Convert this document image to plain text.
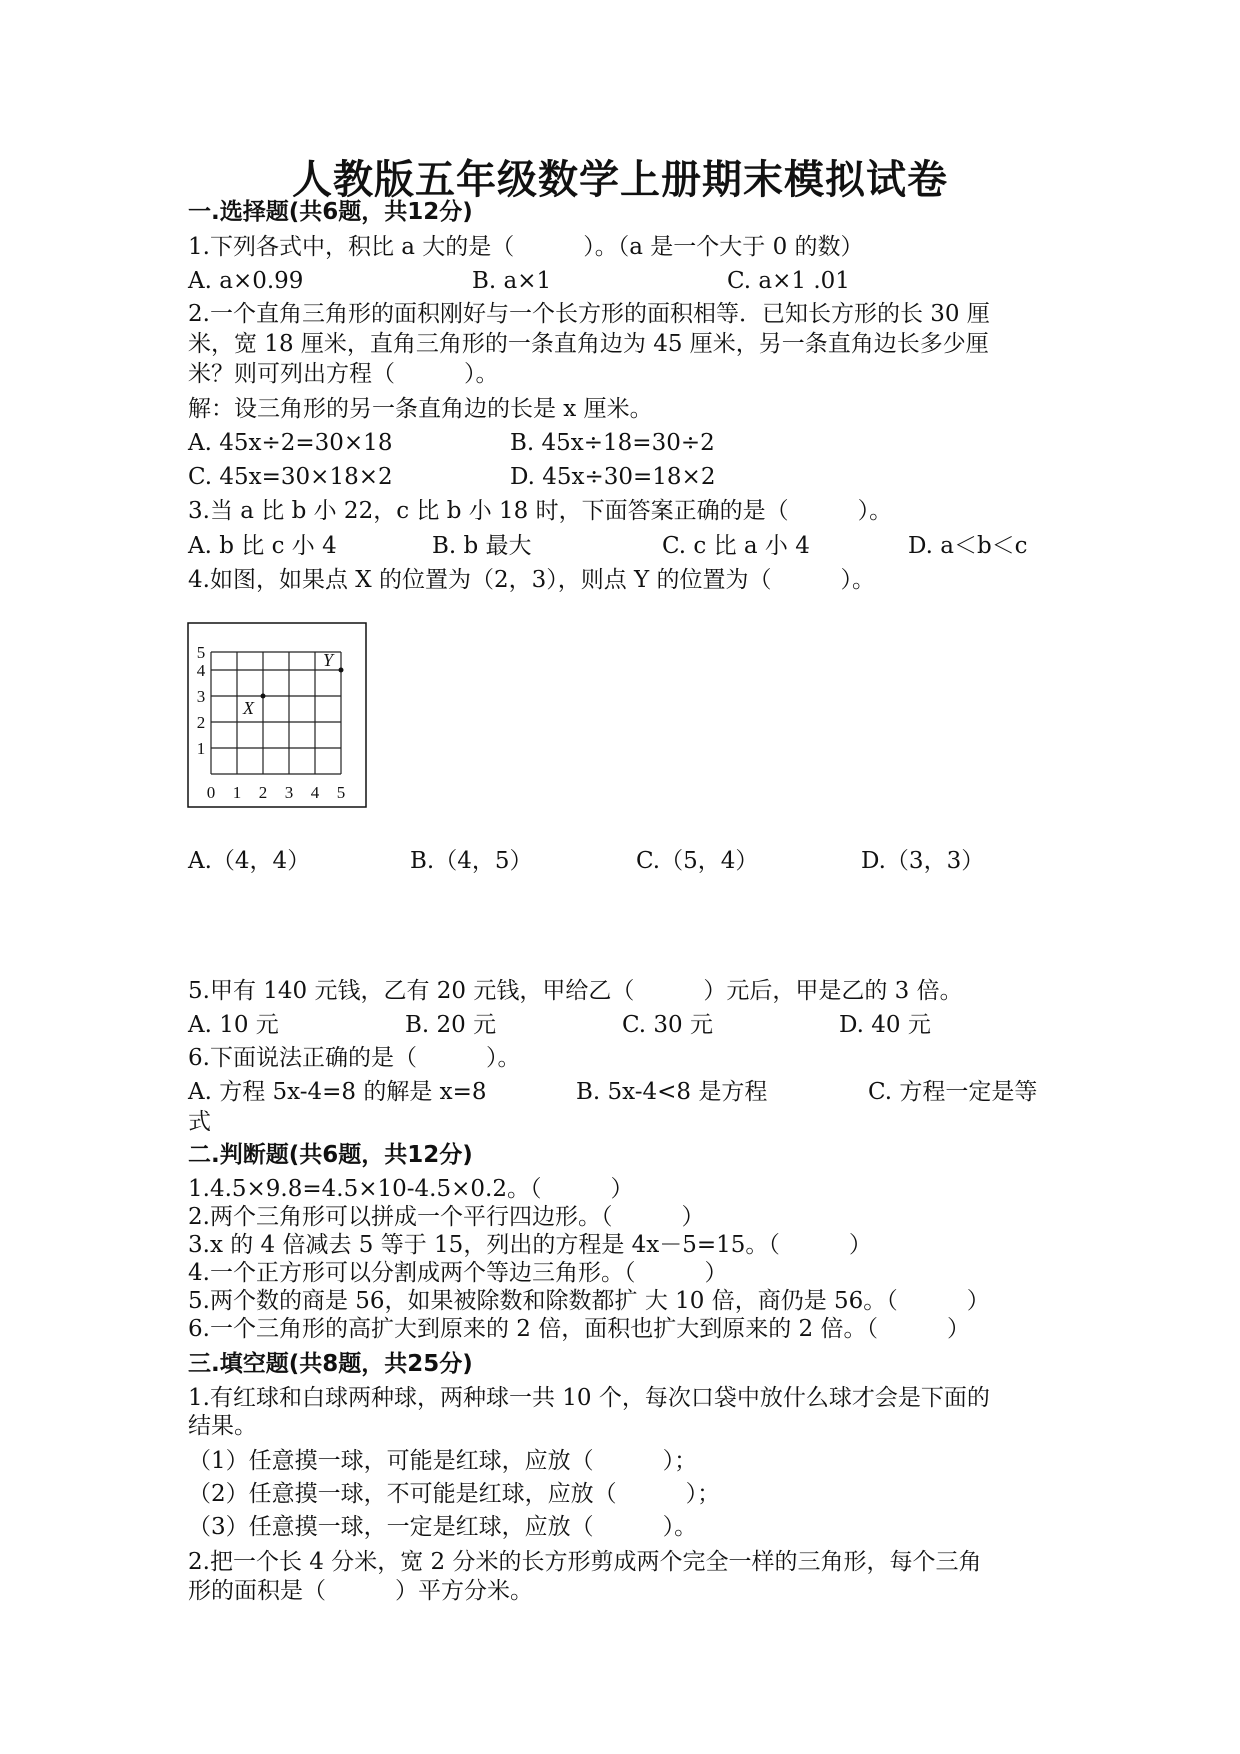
人教版五年级数学上册期末模拟试卷
一.选择题(共6题，共12分)
1.下列各式中，积比 a 大的是（　　　）。（a 是一个大于 0 的数）
A. a×0.99	B. a×1	C. a×1 .01
2.一个直角三角形的面积刚好与一个长方形的面积相等．已知长方形的长 30 厘
米，宽 18 厘米，直角三角形的一条直角边为 45 厘米，另一条直角边长多少厘
米？则可列出方程（　　　）。
解：设三角形的另一条直角边的长是 x 厘米。
A. 45x÷2=30×18	B. 45x÷18=30÷2
C. 45x=30×18×2	D. 45x÷30=18×2
3.当 a 比 b 小 22，c 比 b 小 18 时，下面答案正确的是（　　　）。
A. b 比 c 小 4	B. b 最大	C. c 比 a 小 4	D. a＜b＜c
4.如图，如果点 X 的位置为（2，3），则点 Y 的位置为（　　　）。
0 1 2 3 4 5
1
2
3
4
5
X
Y
A.（4，4）	B.（4，5）	C.（5，4）	D.（3，3）
5.甲有 140 元钱，乙有 20 元钱，甲给乙（　　　）元后，甲是乙的 3 倍。
A. 10 元	B. 20 元	C. 30 元	D. 40 元
6.下面说法正确的是（　　　）。
A. 方程 5x-4=8 的解是 x=8	B. 5x-4<8 是方程	C. 方程一定是等
式
二.判断题(共6题，共12分)
1.4.5×9.8=4.5×10-4.5×0.2。（　　　）
2.两个三角形可以拼成一个平行四边形。（　　　）
3.x 的 4 倍减去 5 等于 15，列出的方程是 4x－5=15。（　　　）
4.一个正方形可以分割成两个等边三角形。（　　　）
5.两个数的商是 56，如果被除数和除数都扩 大 10 倍，商仍是 56。（　　　）
6.一个三角形的高扩大到原来的 2 倍，面积也扩大到原来的 2 倍。（　　　）
三.填空题(共8题，共25分)
1.有红球和白球两种球，两种球一共 10 个，每次口袋中放什么球才会是下面的
结果。
（1）任意摸一球，可能是红球，应放（　　　）；
（2）任意摸一球，不可能是红球，应放（　　　）；
（3）任意摸一球，一定是红球，应放（　　　）。
2.把一个长 4 分米，宽 2 分米的长方形剪成两个完全一样的三角形，每个三角
形的面积是（　　　）平方分米。
